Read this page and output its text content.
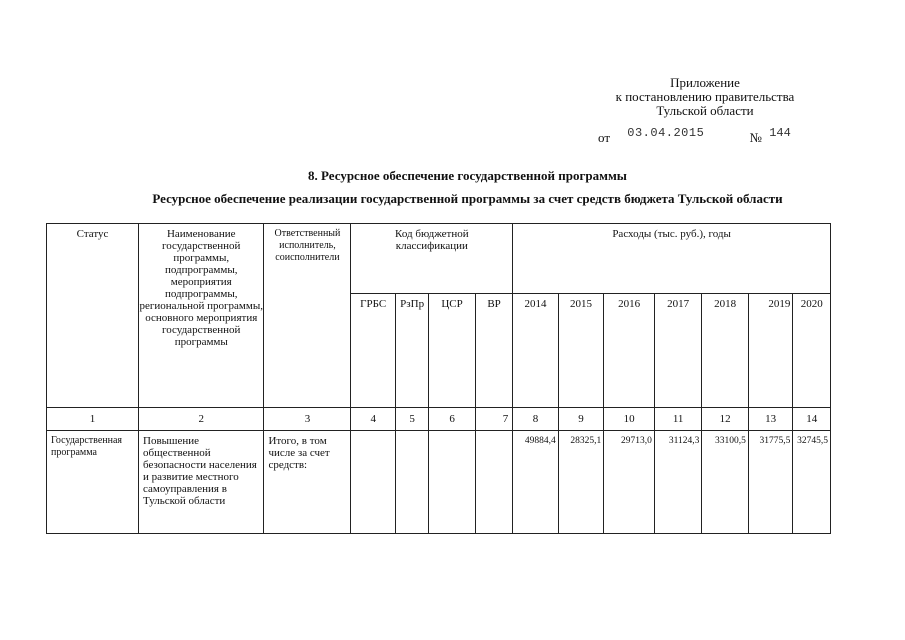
Приложение
к постановлению правительства
Тульской области
от 03.04.2015	№ 144
8. Ресурсное обеспечение государственной программы
Ресурсное обеспечение реализации государственной программы за счет средств бюджета Тульской области
Статус	Наименование государственной программы, подпрограммы, мероприятия подпрограммы, региональной программы, основного мероприятия государственной программы	Ответственный исполнитель, соисполнители	Код бюджетной классификации				Расходы (тыс. руб.), годы						
			ГРБС	РзПр	ЦСР	ВР	2014	2015	2016	2017	2018	2019	2020
1	2	3	4	5	6	7	8	9	10	11	12	13	14
Государственная программа	Повышение общественной безопасности населения и развитие местного самоуправления в Тульской области	Итого, в том числе за счет средств:					49884,4	28325,1	29713,0	31124,3	33100,5	31775,5	32745,5
